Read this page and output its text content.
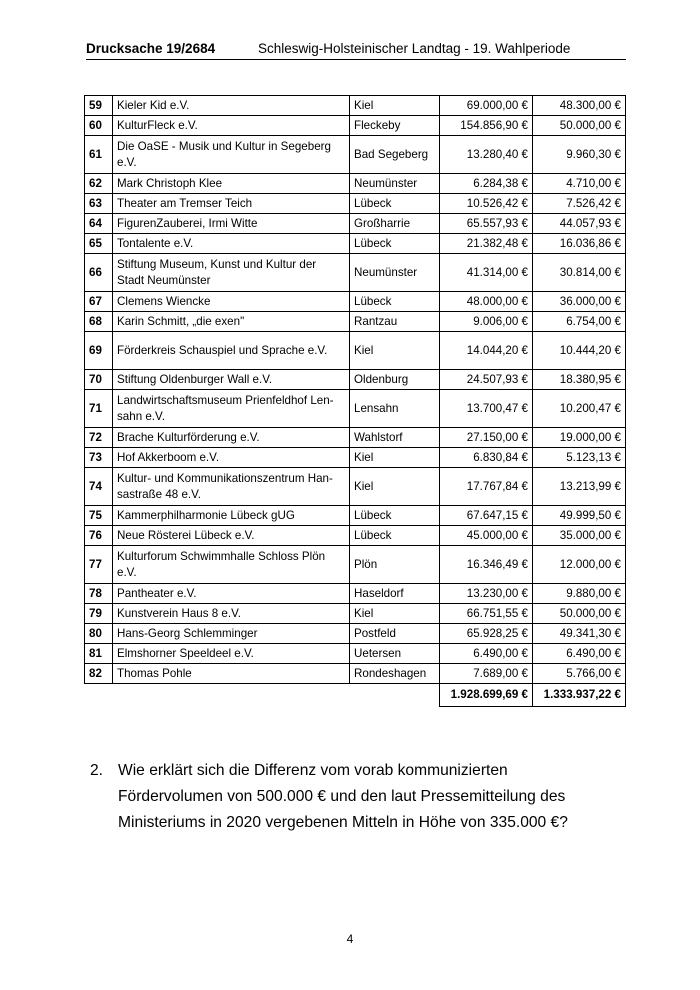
Drucksache 19/2684	Schleswig-Holsteinischer Landtag - 19. Wahlperiode
59	Kieler Kid e.V.	Kiel	69.000,00 €	48.300,00 €
60	KulturFleck e.V.	Fleckeby	154.856,90 €	50.000,00 €
61	Die OaSE - Musik und Kultur in Segeberg e.V.	Bad Segeberg	13.280,40 €	9.960,30 €
62	Mark Christoph Klee	Neumünster	6.284,38 €	4.710,00 €
63	Theater am Tremser Teich	Lübeck	10.526,42 €	7.526,42 €
64	FigurenZauberei, Irmi Witte	Großharrie	65.557,93 €	44.057,93 €
65	Tontalente e.V.	Lübeck	21.382,48 €	16.036,86 €
66	Stiftung Museum, Kunst und Kultur der Stadt Neumünster	Neumünster	41.314,00 €	30.814,00 €
67	Clemens Wiencke	Lübeck	48.000,00 €	36.000,00 €
68	Karin Schmitt, „die exen"	Rantzau	9.006,00 €	6.754,00 €
69	Förderkreis Schauspiel und Sprache e.V.	Kiel	14.044,20 €	10.444,20 €
70	Stiftung Oldenburger Wall e.V.	Oldenburg	24.507,93 €	18.380,95 €
71	Landwirtschaftsmuseum Prienfeldhof Lensahn e.V.	Lensahn	13.700,47 €	10.200,47 €
72	Brache Kulturförderung e.V.	Wahlstorf	27.150,00 €	19.000,00 €
73	Hof Akkerboom e.V.	Kiel	6.830,84 €	5.123,13 €
74	Kultur- und Kommunikationszentrum Hansastraße 48 e.V.	Kiel	17.767,84 €	13.213,99 €
75	Kammerphilharmonie Lübeck gUG	Lübeck	67.647,15 €	49.999,50 €
76	Neue Rösterei Lübeck e.V.	Lübeck	45.000,00 €	35.000,00 €
77	Kulturforum Schwimmhalle Schloss Plön e.V.	Plön	16.346,49 €	12.000,00 €
78	Pantheater e.V.	Haseldorf	13.230,00 €	9.880,00 €
79	Kunstverein Haus 8 e.V.	Kiel	66.751,55 €	50.000,00 €
80	Hans-Georg Schlemminger	Postfeld	65.928,25 €	49.341,30 €
81	Elmshorner Speeldeel e.V.	Uetersen	6.490,00 €	6.490,00 €
82	Thomas Pohle	Rondeshagen	7.689,00 €	5.766,00 €
			1.928.699,69 €	1.333.937,22 €
2. Wie erklärt sich die Differenz vom vorab kommunizierten Fördervolumen von 500.000 € und den laut Pressemitteilung des Ministeriums in 2020 vergebenen Mitteln in Höhe von 335.000 €?
4
